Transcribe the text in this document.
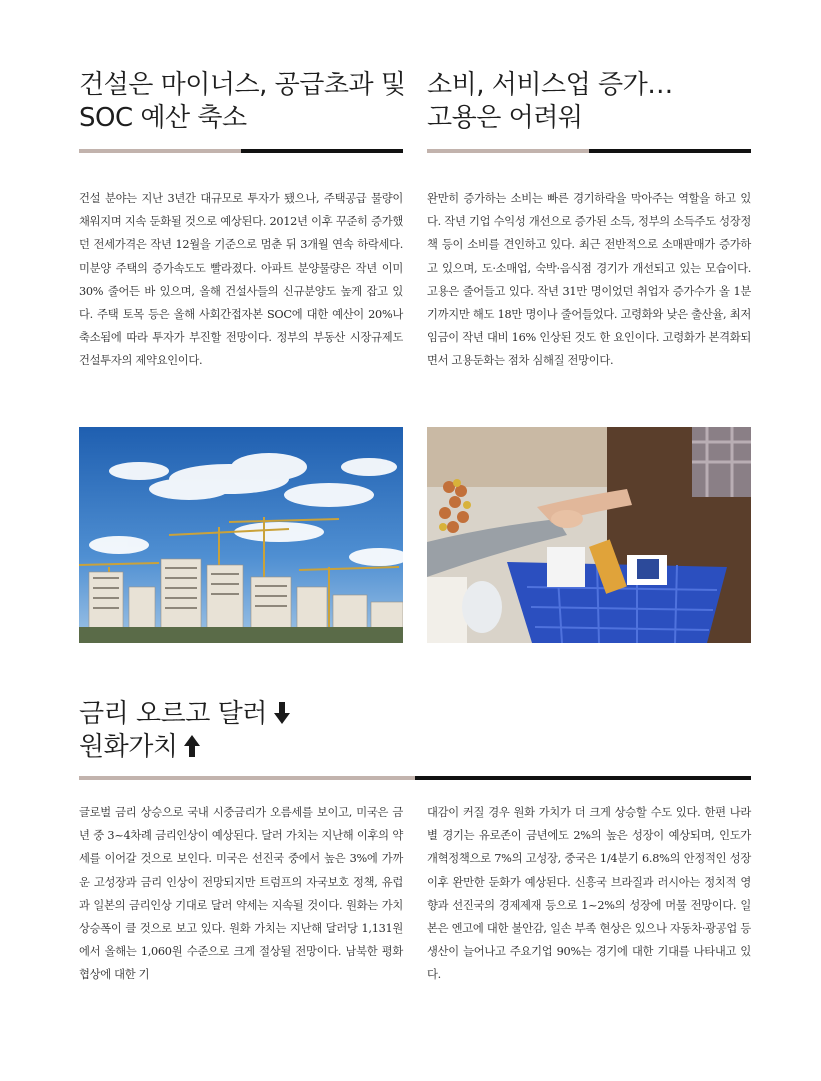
건설은 마이너스, 공급초과 및
SOC 예산 축소

건설 분야는 지난 3년간 대규모로 투자가 됐으나, 주택공급 물량이 채워지며 지속 둔화될 것으로 예상된다. 2012년 이후 꾸준히 증가했던 전세가격은 작년 12월을 기준으로 멈춘 뒤 3개월 연속 하락세다. 미분양 주택의 증가속도도 빨라졌다. 아파트 분양물량은 작년 이미 30% 줄어든 바 있으며, 올해 건설사들의 신규분양도 높게 잡고 있다. 주택 토목 등은 올해 사회간접자본 SOC에 대한 예산이 20%나 축소됨에 따라 투자가 부진할 전망이다. 정부의 부동산 시장규제도 건설투자의 제약요인이다.

소비, 서비스업 증가…
고용은 어려워

완만히 증가하는 소비는 빠른 경기하락을 막아주는 역할을 하고 있다. 작년 기업 수익성 개선으로 증가된 소득, 정부의 소득주도 성장정책 등이 소비를 견인하고 있다. 최근 전반적으로 소매판매가 증가하고 있으며, 도·소매업, 숙박·음식점 경기가 개선되고 있는 모습이다. 고용은 줄어들고 있다. 작년 31만 명이었던 취업자 증가수가 올 1분기까지만 해도 18만 명이나 줄어들었다. 고령화와 낮은 출산율, 최저임금이 작년 대비 16% 인상된 것도 한 요인이다. 고령화가 본격화되면서 고용둔화는 점차 심해질 전망이다.

금리 오르고 달러
원화가치

글로벌 금리 상승으로 국내 시중금리가 오름세를 보이고, 미국은 금년 중 3~4차례 금리인상이 예상된다. 달러 가치는 지난해 이후의 약세를 이어갈 것으로 보인다. 미국은 선진국 중에서 높은 3%에 가까운 고성장과 금리 인상이 전망되지만 트럼프의 자국보호 정책, 유럽과 일본의 금리인상 기대로 달러 약세는 지속될 것이다. 원화는 가치 상승폭이 클 것으로 보고 있다. 원화 가치는 지난해 달러당 1,131원에서 올해는 1,060원 수준으로 크게 절상될 전망이다. 남북한 평화협상에 대한 기

대감이 커질 경우 원화 가치가 더 크게 상승할 수도 있다. 한편 나라별 경기는 유로존이 금년에도 2%의 높은 성장이 예상되며, 인도가 개혁정책으로 7%의 고성장, 중국은 1/4분기 6.8%의 안정적인 성장 이후 완만한 둔화가 예상된다. 신흥국 브라질과 러시아는 정치적 영향과 선진국의 경제제재 등으로 1~2%의 성장에 머물 전망이다. 일본은 엔고에 대한 불안감, 일손 부족 현상은 있으나 자동차·광공업 등 생산이 늘어나고 주요기업 90%는 경기에 대한 기대를 나타내고 있다.
